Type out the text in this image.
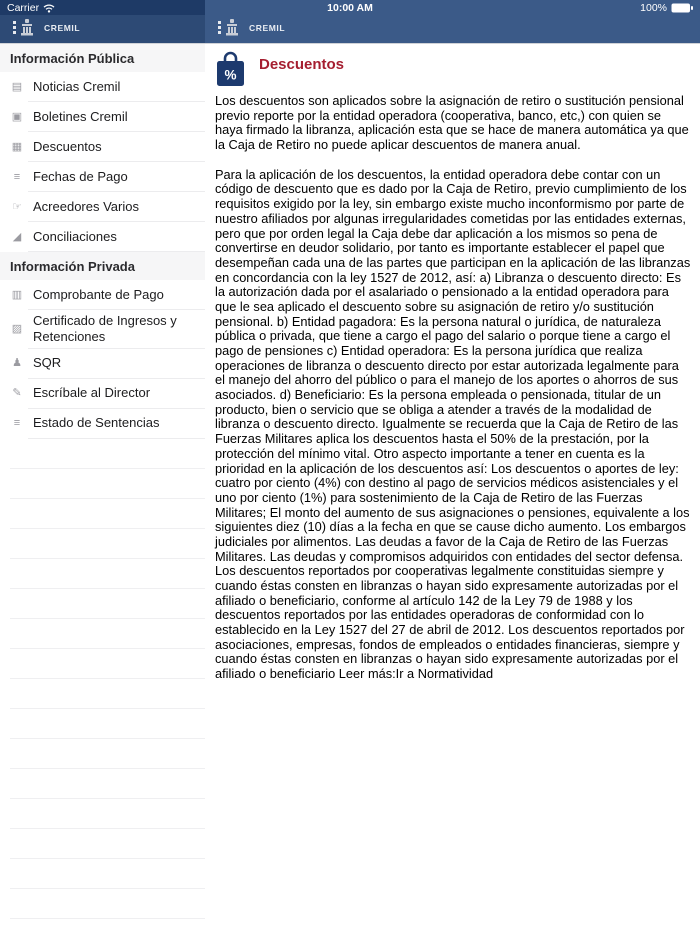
Carrier	10:00 AM	100%
CREMIL	CREMIL
Información Pública
▤ Noticias Cremil
▣ Boletines Cremil
▦ Descuentos
≡ Fechas de Pago
☞ Acreedores Varios
◢ Conciliaciones
Información Privada
▥ Comprobante de Pago
▨
Certificado de Ingresos y Retenciones
♟ SQR
✎ Escríbale al Director
≡ Estado de Sentencias
%
Descuentos

Los descuentos son aplicados sobre la asignación de retiro o sustitución pensional previo reporte por la entidad operadora (cooperativa, banco, etc,) con quien se haya firmado la libranza, aplicación esta que se hace de manera automática ya que la Caja de Retiro no puede aplicar descuentos de manera anual.

Para la aplicación de los descuentos, la entidad operadora debe contar con un código de descuento que es dado por la Caja de Retiro, previo cumplimiento de los requisitos exigido por la ley, sin embargo existe mucho inconformismo por parte de nuestro afiliados por algunas irregularidades cometidas por las entidades externas, pero que por orden legal la Caja debe dar aplicación a los mismos so pena de convertirse en deudor solidario, por tanto es importante establecer el papel que desempeñan cada una de las partes que participan en la aplicación de las libranzas en concordancia con la ley 1527 de 2012, así: a) Libranza o descuento directo: Es la autorización dada por el asalariado o pensionado a la entidad operadora para que le sea aplicado el descuento sobre su asignación de retiro y/o sustitución pensional. b) Entidad pagadora: Es la persona natural o jurídica, de naturaleza pública o privada, que tiene a cargo el pago del salario o porque tiene a cargo el pago de pensiones c) Entidad operadora: Es la persona jurídica que realiza operaciones de libranza o descuento directo por estar autorizada legalmente para el manejo del ahorro del público o para el manejo de los aportes o ahorros de sus asociados. d) Beneficiario: Es la persona empleada o pensionada, titular de un producto, bien o servicio que se obliga a atender a través de la modalidad de libranza o descuento directo. Igualmente se recuerda que la Caja de Retiro de las Fuerzas Militares aplica los descuentos hasta el 50% de la prestación, por la protección del mínimo vital. Otro aspecto importante a tener en cuenta es la prioridad en la aplicación de los descuentos así: Los descuentos o aportes de ley: cuatro por ciento (4%) con destino al pago de servicios médicos asistenciales y el uno por ciento (1%) para sostenimiento de la Caja de Retiro de las Fuerzas Militares; El monto del aumento de sus asignaciones o pensiones, equivalente a los siguientes diez (10) días a la fecha en que se cause dicho aumento. Los embargos judiciales por alimentos. Las deudas a favor de la Caja de Retiro de las Fuerzas Militares. Las deudas y compromisos adquiridos con entidades del sector defensa. Los descuentos reportados por cooperativas legalmente constituidas siempre y cuando éstas consten en libranzas o hayan sido expresamente autorizadas por el afiliado o beneficiario, conforme al artículo 142 de la Ley 79 de 1988 y los descuentos reportados por las entidades operadoras de conformidad con lo establecido en la Ley 1527 del 27 de abril de 2012. Los descuentos reportados por asociaciones, empresas, fondos de empleados o entidades financieras, siempre y cuando éstas consten en libranzas o hayan sido expresamente autorizadas por el afiliado o beneficiario Leer más:Ir a Normatividad
